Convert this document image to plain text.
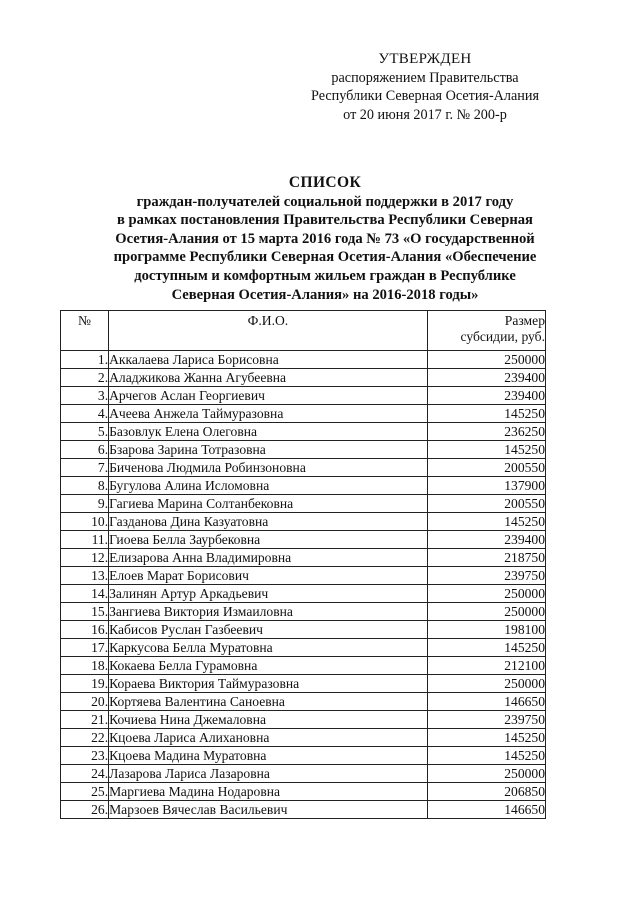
УТВЕРЖДЕН
распоряжением Правительства
Республики Северная Осетия-Алания
от 20 июня 2017 г. № 200-р
СПИСОК
граждан-получателей социальной поддержки в 2017 году
в рамках постановления Правительства Республики Северная
Осетия-Алания от 15 марта 2016 года № 73 «О государственной
программе Республики Северная Осетия-Алания «Обеспечение
доступным и комфортным жильем граждан в Республике
Северная Осетия-Алания» на 2016-2018 годы»
№	Ф.И.О.	Размер
субсидии, руб.

1.	Аккалаева Лариса Борисовна	250000
2.	Аладжикова Жанна Агубеевна	239400
3.	Арчегов Аслан Георгиевич	239400
4.	Ачеева Анжела Таймуразовна	145250
5.	Базовлук Елена Олеговна	236250
6.	Бзарова Зарина Тотразовна	145250
7.	Биченова Людмила Робинзоновна	200550
8.	Бугулова Алина Исломовна	137900
9.	Гагиева Марина Солтанбековна	200550
10.	Газданова Дина Казуатовна	145250
11.	Гиоева Белла Заурбековна	239400
12.	Елизарова Анна Владимировна	218750
13.	Елоев Марат Борисович	239750
14.	Залинян Артур Аркадьевич	250000
15.	Зангиева Виктория Измаиловна	250000
16.	Кабисов Руслан Газбеевич	198100
17.	Каркусова Белла Муратовна	145250
18.	Кокаева Белла Гурамовна	212100
19.	Кораева Виктория Таймуразовна	250000
20.	Кортяева Валентина Саноевна	146650
21.	Кочиева Нина Джемаловна	239750
22.	Кцоева Лариса Алихановна	145250
23.	Кцоева Мадина Муратовна	145250
24.	Лазарова Лариса Лазаровна	250000
25.	Маргиева Мадина Нодаровна	206850
26.	Марзоев Вячеслав Васильевич	146650
